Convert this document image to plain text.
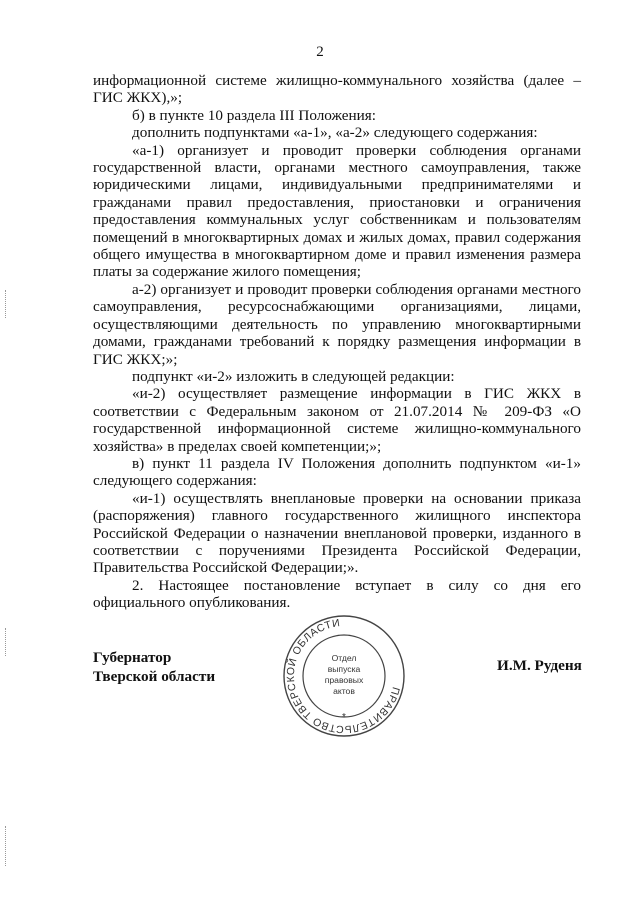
2

информационной системе жилищно-коммунального хозяйства (далее – ГИС ЖКХ),»;

б) в пункте 10 раздела III Положения:

дополнить подпунктами «а-1», «а-2» следующего содержания:

«а-1) организует и проводит проверки соблюдения органами государственной власти, органами местного самоуправления, также юридическими лицами, индивидуальными предпринимателями и гражданами правил предоставления, приостановки и ограничения предоставления коммунальных услуг собственникам и пользователям помещений в многоквартирных домах и жилых домах, правил содержания общего имущества в многоквартирном доме и правил изменения размера платы за содержание жилого помещения;

а-2) организует и проводит проверки соблюдения органами местного самоуправления, ресурсоснабжающими организациями, лицами, осуществляющими деятельность по управлению многоквартирными домами, гражданами требований к порядку размещения информации в ГИС ЖКХ;»;

подпункт «и-2» изложить в следующей редакции:

«и-2) осуществляет размещение информации в ГИС ЖКХ в соответствии с Федеральным законом от 21.07.2014 № 209-ФЗ «О государственной информационной системе жилищно-коммунального хозяйства» в пределах своей компетенции;»;

в) пункт 11 раздела IV Положения дополнить подпунктом «и-1» следующего содержания:

«и-1) осуществлять внеплановые проверки на основании приказа (распоряжения) главного государственного жилищного инспектора Российской Федерации о назначении внеплановой проверки, изданного в соответствии с поручениями Президента Российской Федерации, Правительства Российской Федерации;».

2. Настоящее постановление вступает в силу со дня его официального опубликования.

Губернатор
Тверской области
И.М. Руденя
ПРАВИТЕЛЬСТВО ТВЕРСКОЙ ОБЛАСТИ
*
Отдел
выпуска
правовых
актов
